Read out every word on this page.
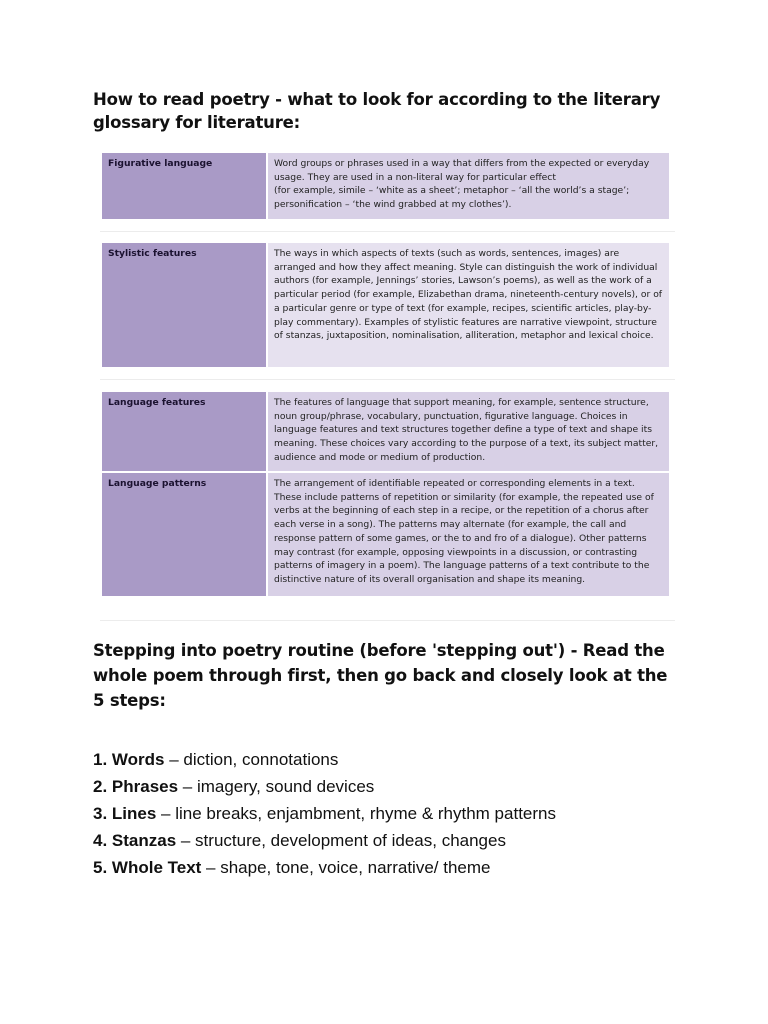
How to read poetry - what to look for according to the literary glossary for literature:
Figurative language	Word groups or phrases used in a way that differs from the expected or everyday usage. They are used in a non-literal way for particular effect
(for example, simile – ‘white as a sheet’; metaphor – ‘all the world’s a stage’; personification – ‘the wind grabbed at my clothes’).
Stylistic features	The ways in which aspects of texts (such as words, sentences, images) are arranged and how they affect meaning. Style can distinguish the work of individual authors (for example, Jennings’ stories, Lawson’s poems), as well as the work of a particular period (for example, Elizabethan drama, nineteenth-century novels), or of a particular genre or type of text (for example, recipes, scientific articles, play-by-play commentary). Examples of stylistic features are narrative viewpoint, structure of stanzas, juxtaposition, nominalisation, alliteration, metaphor and lexical choice.
Language features	The features of language that support meaning, for example, sentence structure, noun group/phrase, vocabulary, punctuation, figurative language. Choices in language features and text structures together define a type of text and shape its meaning. These choices vary according to the purpose of a text, its subject matter, audience and mode or medium of production.
Language patterns	The arrangement of identifiable repeated or corresponding elements in a text. These include patterns of repetition or similarity (for example, the repeated use of verbs at the beginning of each step in a recipe, or the repetition of a chorus after each verse in a song). The patterns may alternate (for example, the call and response pattern of some games, or the to and fro of a dialogue). Other patterns may contrast (for example, opposing viewpoints in a discussion, or contrasting patterns of imagery in a poem). The language patterns of a text contribute to the distinctive nature of its overall organisation and shape its meaning.
Stepping into poetry routine (before 'stepping out') - Read the whole poem through first, then go back and closely look at the 5 steps:
1. Words – diction, connotations
2. Phrases – imagery, sound devices
3. Lines – line breaks, enjambment, rhyme & rhythm patterns
4. Stanzas – structure, development of ideas, changes
5. Whole Text – shape, tone, voice, narrative/ theme
